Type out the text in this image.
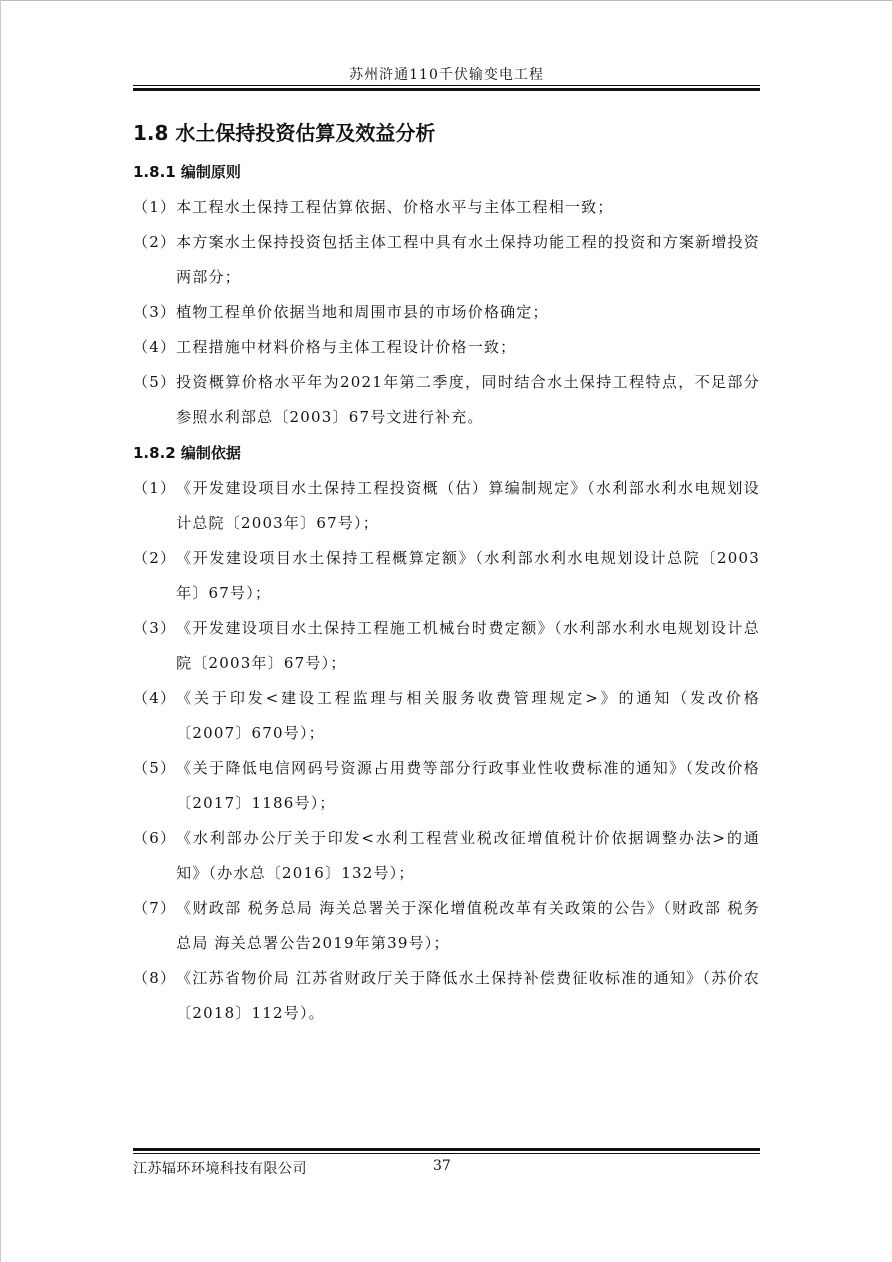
苏州浒通110千伏输变电工程
1.8 水土保持投资估算及效益分析
1.8.1 编制原则
（1） 本工程水土保持工程估算依据、价格水平与主体工程相一致；
（2） 本方案水土保持投资包括主体工程中具有水土保持功能工程的投资和方案新增投资两部分；
（3） 植物工程单价依据当地和周围市县的市场价格确定；
（4） 工程措施中材料价格与主体工程设计价格一致；
（5） 投资概算价格水平年为2021年第二季度，同时结合水土保持工程特点，不足部分参照水利部总〔2003〕67号文进行补充。
1.8.2 编制依据
（1） 《开发建设项目水土保持工程投资概（估）算编制规定》（水利部水利水电规划设计总院〔2003年〕67号）；
（2） 《开发建设项目水土保持工程概算定额》（水利部水利水电规划设计总院〔2003年〕67号）；
（3） 《开发建设项目水土保持工程施工机械台时费定额》（水利部水利水电规划设计总院〔2003年〕67号）；
（4） 《关于印发<建设工程监理与相关服务收费管理规定>》的通知（发改价格〔2007〕670号）；
（5） 《关于降低电信网码号资源占用费等部分行政事业性收费标准的通知》（发改价格〔2017〕1186号）；
（6） 《水利部办公厅关于印发<水利工程营业税改征增值税计价依据调整办法>的通知》（办水总〔2016〕132号）；
（7） 《财政部 税务总局 海关总署关于深化增值税改革有关政策的公告》（财政部 税务总局 海关总署公告2019年第39号）；
（8） 《江苏省物价局 江苏省财政厅关于降低水土保持补偿费征收标准的通知》（苏价农〔2018〕112号）。
江苏辐环环境科技有限公司	37
